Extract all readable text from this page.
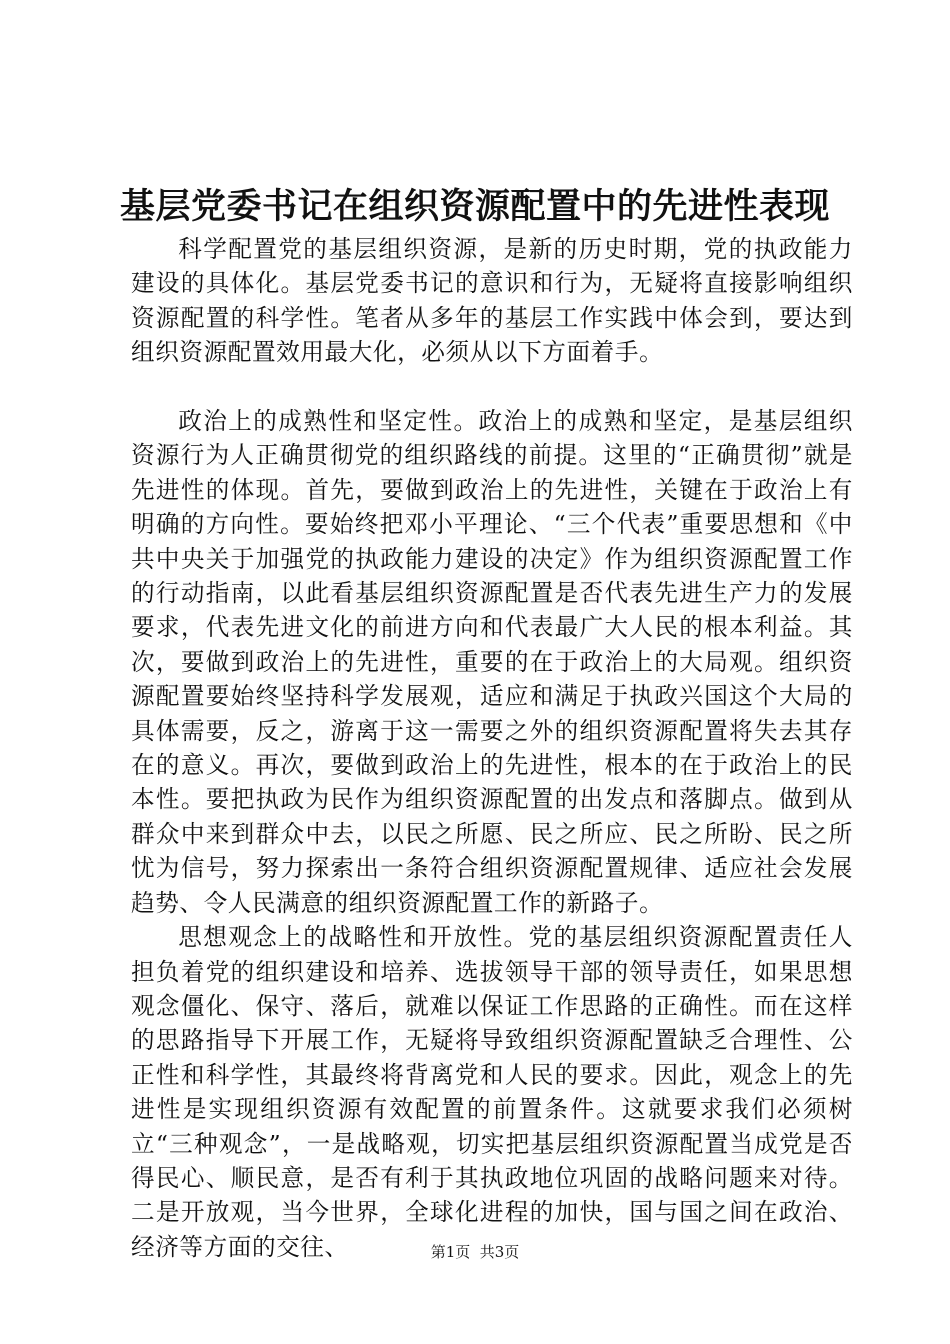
基层党委书记在组织资源配置中的先进性表现

科学配置党的基层组织资源，是新的历史时期，党的执政能力建设的具体化。基层党委书记的意识和行为，无疑将直接影响组织资源配置的科学性。笔者从多年的基层工作实践中体会到，要达到组织资源配置效用最大化，必须从以下方面着手。

政治上的成熟性和坚定性。政治上的成熟和坚定，是基层组织资源行为人正确贯彻党的组织路线的前提。这里的“正确贯彻”就是先进性的体现。首先，要做到政治上的先进性，关键在于政治上有明确的方向性。要始终把邓小平理论、“三个代表”重要思想和《中共中央关于加强党的执政能力建设的决定》作为组织资源配置工作的行动指南，以此看基层组织资源配置是否代表先进生产力的发展要求，代表先进文化的前进方向和代表最广大人民的根本利益。其次，要做到政治上的先进性，重要的在于政治上的大局观。组织资源配置要始终坚持科学发展观，适应和满足于执政兴国这个大局的具体需要，反之，游离于这一需要之外的组织资源配置将失去其存在的意义。再次，要做到政治上的先进性，根本的在于政治上的民本性。要把执政为民作为组织资源配置的出发点和落脚点。做到从群众中来到群众中去，以民之所愿、民之所应、民之所盼、民之所忧为信号，努力探索出一条符合组织资源配置规律、适应社会发展趋势、令人民满意的组织资源配置工作的新路子。

思想观念上的战略性和开放性。党的基层组织资源配置责任人担负着党的组织建设和培养、选拔领导干部的领导责任，如果思想观念僵化、保守、落后，就难以保证工作思路的正确性。而在这样的思路指导下开展工作，无疑将导致组织资源配置缺乏合理性、公正性和科学性，其最终将背离党和人民的要求。因此，观念上的先进性是实现组织资源有效配置的前置条件。这就要求我们必须树立“三种观念”，一是战略观，切实把基层组织资源配置当成党是否得民心、顺民意，是否有利于其执政地位巩固的战略问题来对待。二是开放观，当今世界，全球化进程的加快，国与国之间在政治、经济等方面的交往、	第1页  共3页
